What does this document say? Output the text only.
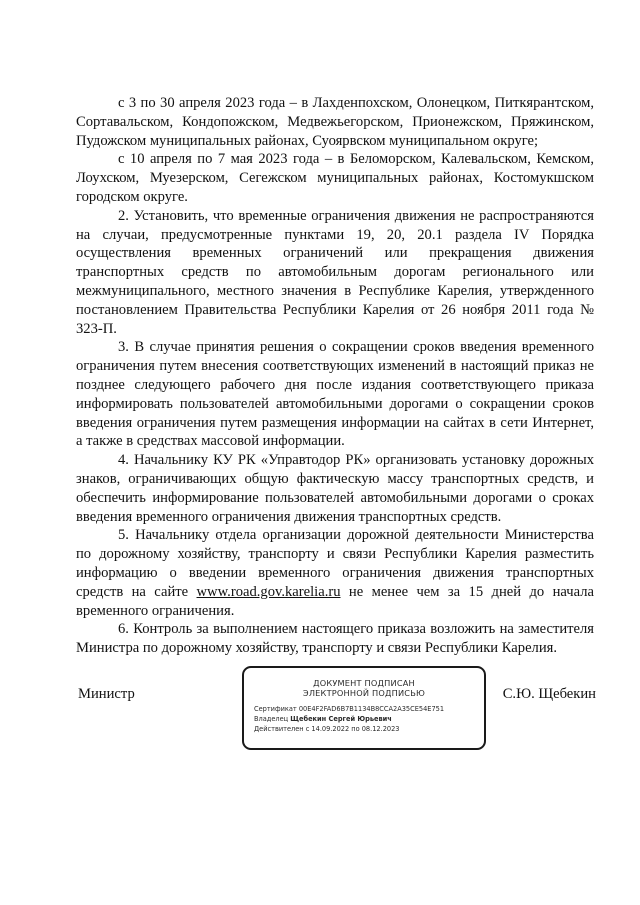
с 3 по 30 апреля 2023 года – в Лахденпохском, Олонецком, Питкярантском, Сортавальском, Кондопожском, Медвежьегорском, Прионежском, Пряжинском, Пудожском муниципальных районах, Суоярвском муниципальном округе;

с 10 апреля по 7 мая 2023 года – в Беломорском, Калевальском, Кемском, Лоухском, Муезерском, Сегежском муниципальных районах, Костомукшском городском округе.

2. Установить, что временные ограничения движения не распространяются на случаи, предусмотренные пунктами 19, 20, 20.1 раздела IV Порядка осуществления временных ограничений или прекращения движения транспортных средств по автомобильным дорогам регионального или межмуниципального, местного значения в Республике Карелия, утвержденного постановлением Правительства Республики Карелия от 26 ноября 2011 года № 323-П.

3. В случае принятия решения о сокращении сроков введения временного ограничения путем внесения соответствующих изменений в настоящий приказ не позднее следующего рабочего дня после издания соответствующего приказа информировать пользователей автомобильными дорогами о сокращении сроков введения ограничения путем размещения информации на сайтах в сети Интернет, а также в средствах массовой информации.

4. Начальнику КУ РК «Управтодор РК» организовать установку дорожных знаков, ограничивающих общую фактическую массу транспортных средств, и обеспечить информирование пользователей автомобильными дорогами о сроках введения временного ограничения движения транспортных средств.

5. Начальнику отдела организации дорожной деятельности Министерства по дорожному хозяйству, транспорту и связи Республики Карелия разместить информацию о введении временного ограничения движения транспортных средств на сайте www.road.gov.karelia.ru не менее чем за 15 дней до начала временного ограничения.

6. Контроль за выполнением настоящего приказа возложить на заместителя Министра по дорожному хозяйству, транспорту и связи Республики Карелия.

Министр
ДОКУМЕНТ ПОДПИСАН
ЭЛЕКТРОННОЙ ПОДПИСЬЮ
Сертификат 00E4F2FAD6B7B1134B8CCA2A35CE54E751
Владелец Щебекин Сергей Юрьевич
Действителен с 14.09.2022 по 08.12.2023
С.Ю. Щебекин
